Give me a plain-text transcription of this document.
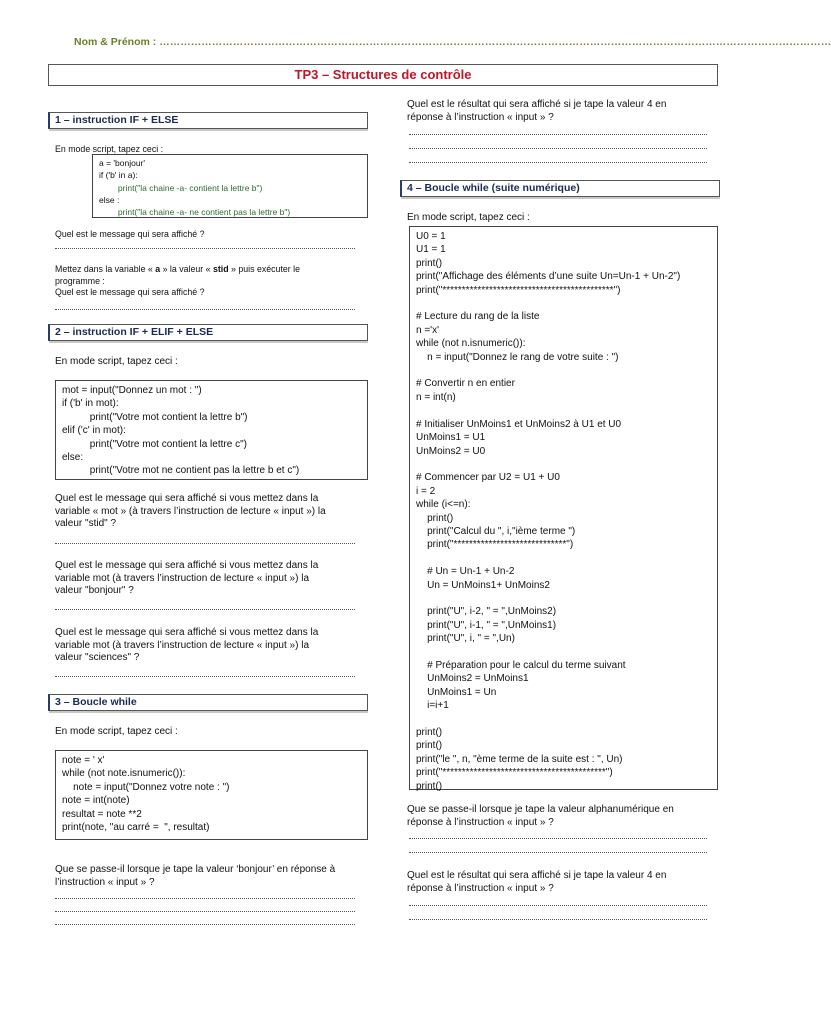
Nom & Prénom : …………………………………………………………………………………………………………………………………………………………………………
TP3 – Structures de contrôle
1 – instruction IF + ELSE
En mode script, tapez ceci :
a = 'bonjour'
if ('b' in a):
print("la chaine -a- contient la lettre b")
else :
print("la chaine -a- ne contient pas la lettre b")
Quel est le message qui sera affiché ?
Mettez dans la variable « a » la valeur « stid » puis exécuter le
programme :
Quel est le message qui sera affiché ?
2 – instruction IF + ELIF + ELSE
En mode script, tapez ceci :
mot = input("Donnez un mot : ")
if ('b' in mot):
print("Votre mot contient la lettre b")
elif ('c' in mot):
print("Votre mot contient la lettre c")
else:
print("Votre mot ne contient pas la lettre b et c")
Quel est le message qui sera affiché si vous mettez dans la
variable « mot » (à travers l’instruction de lecture « input ») la
valeur "stid" ?
Quel est le message qui sera affiché si vous mettez dans la
variable mot (à travers l’instruction de lecture « input ») la
valeur "bonjour" ?
Quel est le message qui sera affiché si vous mettez dans la
variable mot (à travers l’instruction de lecture « input ») la
valeur "sciences" ?
3 – Boucle while
En mode script, tapez ceci :
note = ' x'
while (not note.isnumeric()):
note = input("Donnez votre note : ")
note = int(note)
resultat = note **2
print(note, "au carré =  ", resultat)
Que se passe-il lorsque je tape la valeur ‘bonjour’ en réponse à
l’instruction « input » ?
Quel est le résultat qui sera affiché si je tape la valeur 4 en
réponse à l’instruction « input » ?
4 – Boucle while (suite numérique)
En mode script, tapez ceci :
U0 = 1
U1 = 1
print()
print("Affichage des éléments d’une suite Un=Un-1 + Un-2")
print("********************************************")

# Lecture du rang de la liste
n ='x'
while (not n.isnumeric()):
n = input("Donnez le rang de votre suite : ")

# Convertir n en entier
n = int(n)

# Initialiser UnMoins1 et UnMoins2 à U1 et U0
UnMoins1 = U1
UnMoins2 = U0

# Commencer par U2 = U1 + U0
i = 2
while (i<=n):
print()
print("Calcul du ", i,"ième terme ")
print("*****************************")

# Un = Un-1 + Un-2
Un = UnMoins1+ UnMoins2

print("U", i-2, " = ",UnMoins2)
print("U", i-1, " = ",UnMoins1)
print("U", i, " = ",Un)

# Préparation pour le calcul du terme suivant
UnMoins2 = UnMoins1
UnMoins1 = Un
i=i+1

print()
print()
print("le ", n, "ème terme de la suite est : ", Un)
print("******************************************")
print()
Que se passe-il lorsque je tape la valeur alphanumérique en
réponse à l’instruction « input » ?
Quel est le résultat qui sera affiché si je tape la valeur 4 en
réponse à l’instruction « input » ?
